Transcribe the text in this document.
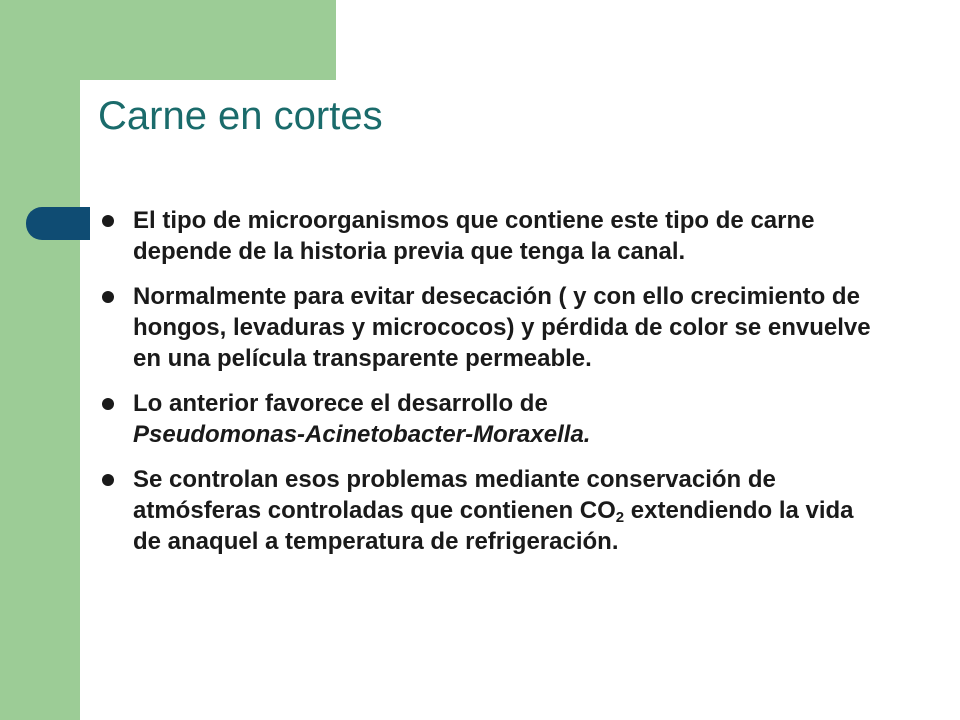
Carne en cortes
El tipo de microorganismos que contiene este tipo de carne depende de la historia previa que tenga la canal.
Normalmente para evitar desecación ( y con ello crecimiento de hongos, levaduras y micrococos) y pérdida de color se envuelve en una película transparente permeable.
Lo anterior favorece el desarrollo de
Pseudomonas-Acinetobacter-Moraxella.
Se controlan esos problemas mediante conservación de atmósferas controladas que contienen $CO_2$ extendiendo la vida de anaquel a temperatura de refrigeración.
